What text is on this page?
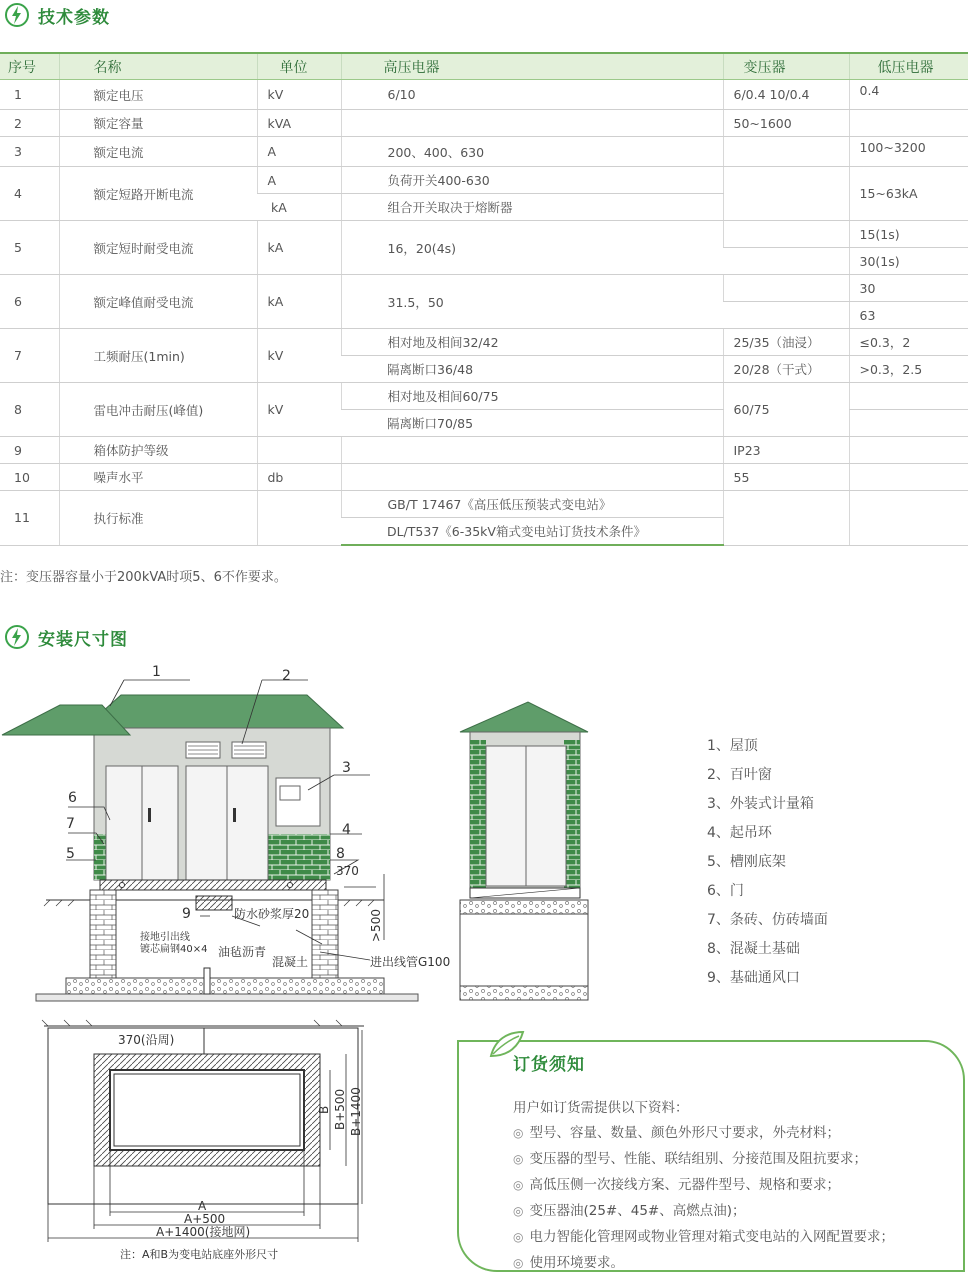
技术参数
序号	名称	单位	高压电器	变压器	低压电器
1	额定电压	kV	6/10	6/0.4 10/0.4	0.4
2	额定容量	kVA		50~1600	
3	额定电流	A	200、400、630		100~3200
4	额定短路开断电流	A	负荷开关400-630		15~63kA
		kA	组合开关取决于熔断器		
5	额定短时耐受电流	kA	16，20(4s)		15(1s)
					30(1s)
6	额定峰值耐受电流	kA	31.5，50		30
					63
7	工频耐压(1min)	kV	相对地及相间32/42	25/35（油浸）	≤0.3，2
			隔离断口36/48	20/28（干式）	>0.3，2.5
8	雷电冲击耐压(峰值)	kV	相对地及相间60/75	60/75	
			隔离断口70/85		
9	箱体防护等级			IP23	
10	噪声水平	db		55	
11	执行标准		GB/T 17467《高压低压预装式变电站》		
			DL/T537《6-35kV箱式变电站订货技术条件》		
注：变压器容量小于200kVA时项5、6不作要求。
安装尺寸图
1	2
3
4
5
6
7
8
9
370
防水砂浆厚20	>500
接地引出线
镀芯扁钢40×4 油毡沥青
混凝土	进出线管G100
370(沿周)
A
A+500
A+1400(接地网)
B B+500 B+1400
注：A和B为变电站底座外形尺寸
1、屋顶
2、百叶窗
3、外装式计量箱
4、起吊环
5、槽刚底架
6、门
7、条砖、仿砖墙面
8、混凝土基础
9、基础通风口
订货须知
用户如订货需提供以下资料：
◎ 型号、容量、数量、颜色外形尺寸要求，外壳材料；
◎ 变压器的型号、性能、联结组别、分接范围及阻抗要求；
◎ 高低压侧一次接线方案、元器件型号、规格和要求；
◎ 变压器油(25#、45#、高燃点油)；
◎ 电力智能化管理网或物业管理对箱式变电站的入网配置要求；
◎ 使用环境要求。
